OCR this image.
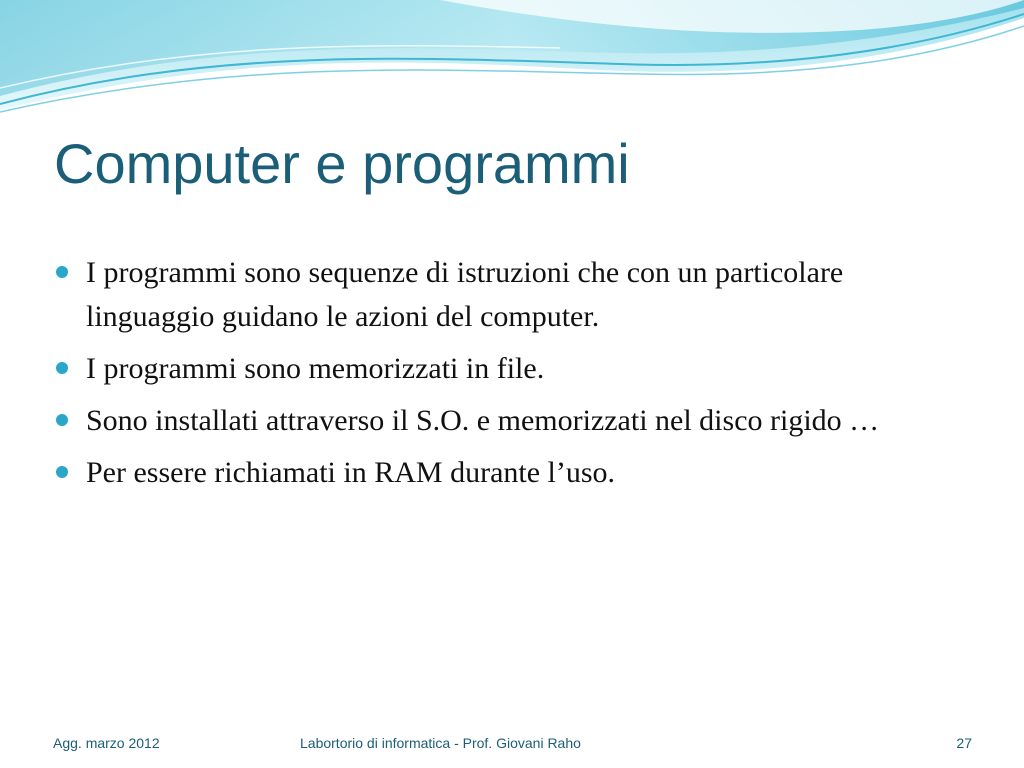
Computer e programmi
I programmi sono sequenze di istruzioni che con un particolare linguaggio guidano le azioni del computer.
I programmi sono memorizzati in file.
Sono installati attraverso il S.O. e memorizzati nel disco rigido …
Per essere richiamati in RAM durante l’uso.
Agg. marzo 2012	Labortorio di informatica - Prof. Giovani Raho	27
